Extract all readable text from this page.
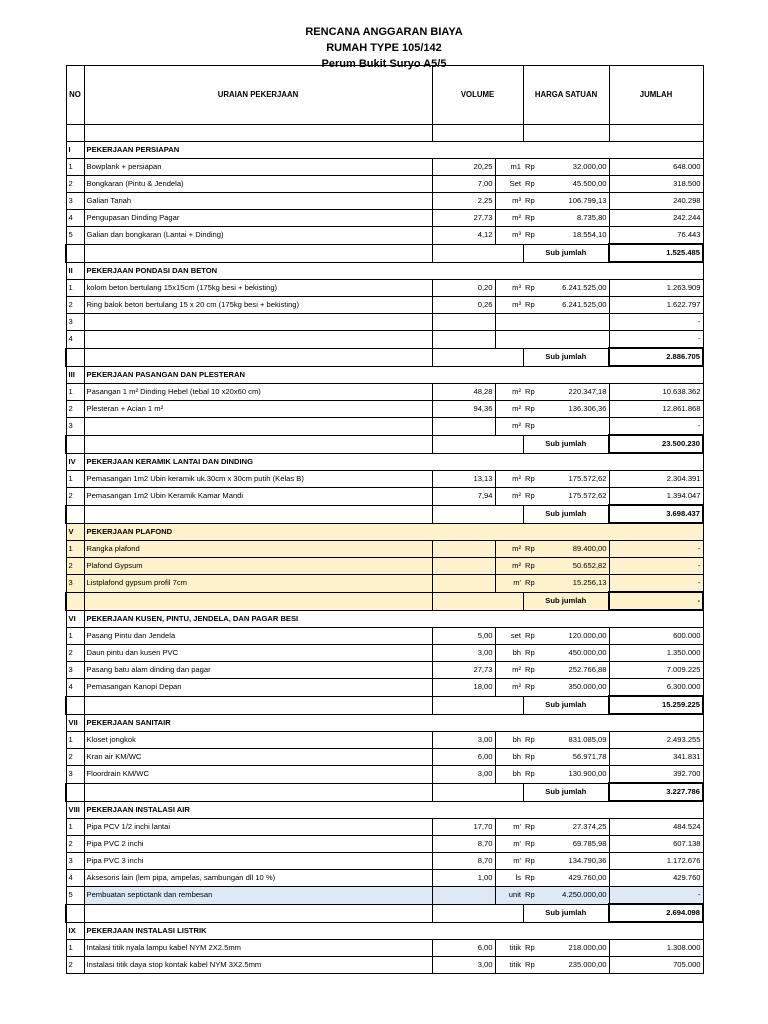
RENCANA ANGGARAN BIAYA
RUMAH TYPE 105/142
Perum Bukit Suryo A5/5
NO	URAIAN PEKERJAAN	VOLUME		HARGA SATUAN	JUMLAH

I	PEKERJAAN PERSIAPAN				
1	Bowplank + persiapan	20,25	m1	Rp 32.000,00	648.000
2	Bongkaran (Pintu & Jendela)	7,00	Set	Rp 45.500,00	318.500
3	Galian Tanah	2,25	m³	Rp 106.799,13	240.298
4	Pengupasan Dinding Pagar	27,73	m²	Rp 8.735,80	242.244
5	Galian dan bongkaran (Lantai + Dinding)	4,12	m³	Rp 18.554,10	76.443
				Sub jumlah	1.525.485
II	PEKERJAAN PONDASI DAN BETON				
1	kolom beton bertulang 15x15cm (175kg besi + bekisting)	0,20	m³	Rp 6.241.525,00	1.263.909
2	Ring balok beton bertulang 15 x 20 cm (175kg besi + bekisting)	0,26	m³	Rp 6.241.525,00	1.622.797
3					-
4					-
				Sub jumlah	2.886.705
III	PEKERJAAN PASANGAN DAN PLESTERAN				
1	Pasangan 1 m² Dinding Hebel (tebal 10 x20x60 cm)	48,28	m²	Rp 220.347,18	10.638.362
2	Plesteran + Acian 1 m²	94,36	m²	Rp 136.306,36	12.861.868
3			m²	Rp	-
				Sub jumlah	23.500.230
IV	PEKERJAAN KERAMIK LANTAI DAN DINDING				
1	Pemasangan 1m2 Ubin keramik uk.30cm x 30cm putih (Kelas B)	13,13	m²	Rp 175.572,62	2.304.391
2	Pemasangan 1m2 Ubin Keramik Kamar Mandi	7,94	m²	Rp 175.572,62	1.394.047
				Sub jumlah	3.698.437
V	PEKERJAAN PLAFOND				
1	Rangka plafond		m²	Rp 89.400,00	-
2	Plafond Gypsum		m²	Rp 50.652,82	-
3	Listplafond gypsum profil 7cm		m'	Rp 15.256,13	-
				Sub jumlah	-
VI	PEKERJAAN KUSEN, PINTU, JENDELA, DAN PAGAR BESI				
1	Pasang Pintu dan Jendela	5,00	set	Rp 120.000,00	600.000
2	Daun pintu dan kusen PVC	3,00	bh	Rp 450.000,00	1.350.000
3	Pasang batu alam dinding dan pagar	27,73	m²	Rp 252.766,88	7.009.225
4	Pemasangan Kanopi Depan	18,00	m²	Rp 350.000,00	6.300.000
				Sub jumlah	15.259.225
VII	PEKERJAAN SANITAIR				
1	Kloset jongkok	3,00	bh	Rp 831.085,09	2.493.255
2	Kran air KM/WC	6,00	bh	Rp 56.971,78	341.831
3	Floordrain KM/WC	3,00	bh	Rp 130.900,00	392.700
				Sub jumlah	3.227.786
VIII	PEKERJAAN INSTALASI AIR				
1	Pipa PCV 1/2 inchi lantai	17,70	m'	Rp 27.374,25	484.524
2	Pipa PVC 2 inchi	8,70	m'	Rp 69.785,98	607.138
3	Pipa PVC 3 inchi	8,70	m'	Rp 134.790,36	1.172.676
4	Aksesoris lain (lem pipa, ampelas, sambungan dll 10 %)	1,00	ls	Rp 429.760,00	429.760
5	Pembuatan septictank dan rembesan		unit	Rp 4.250.000,00	-
				Sub jumlah	2.694.098
IX	PEKERJAAN INSTALASI LISTRIK				
1	Intalasi titik nyala lampu kabel NYM 2X2.5mm	6,00	titik	Rp 218.000,00	1.308.000
2	Instalasi titik daya stop kontak kabel NYM 3X2.5mm	3,00	titik	Rp 235.000,00	705.000
